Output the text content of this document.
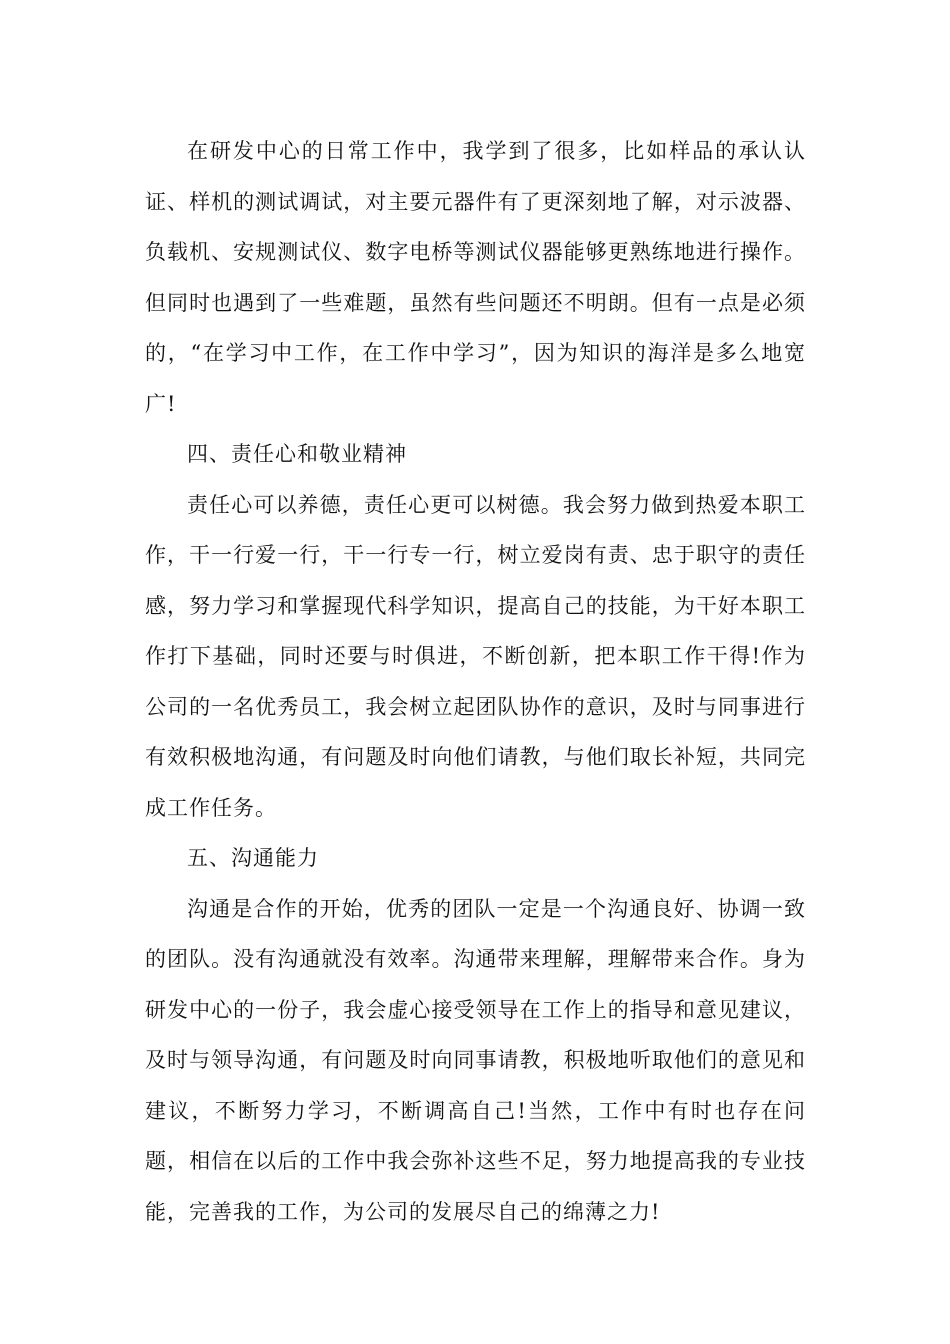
在研发中心的日常工作中，我学到了很多，比如样品的承认认证、样机的测试调试，对主要元器件有了更深刻地了解，对示波器、负载机、安规测试仪、数字电桥等测试仪器能够更熟练地进行操作。但同时也遇到了一些难题，虽然有些问题还不明朗。但有一点是必须的，“在学习中工作，在工作中学习”，因为知识的海洋是多么地宽广!

四、责任心和敬业精神

责任心可以养德，责任心更可以树德。我会努力做到热爱本职工作，干一行爱一行，干一行专一行，树立爱岗有责、忠于职守的责任感，努力学习和掌握现代科学知识，提高自己的技能，为干好本职工作打下基础，同时还要与时俱进，不断创新，把本职工作干得!作为公司的一名优秀员工，我会树立起团队协作的意识，及时与同事进行有效积极地沟通，有问题及时向他们请教，与他们取长补短，共同完成工作任务。

五、沟通能力

沟通是合作的开始，优秀的团队一定是一个沟通良好、协调一致的团队。没有沟通就没有效率。沟通带来理解，理解带来合作。身为研发中心的一份子，我会虚心接受领导在工作上的指导和意见建议，及时与领导沟通，有问题及时向同事请教，积极地听取他们的意见和建议，不断努力学习，不断调高自己!当然，工作中有时也存在问题，相信在以后的工作中我会弥补这些不足，努力地提高我的专业技能，完善我的工作，为公司的发展尽自己的绵薄之力!
